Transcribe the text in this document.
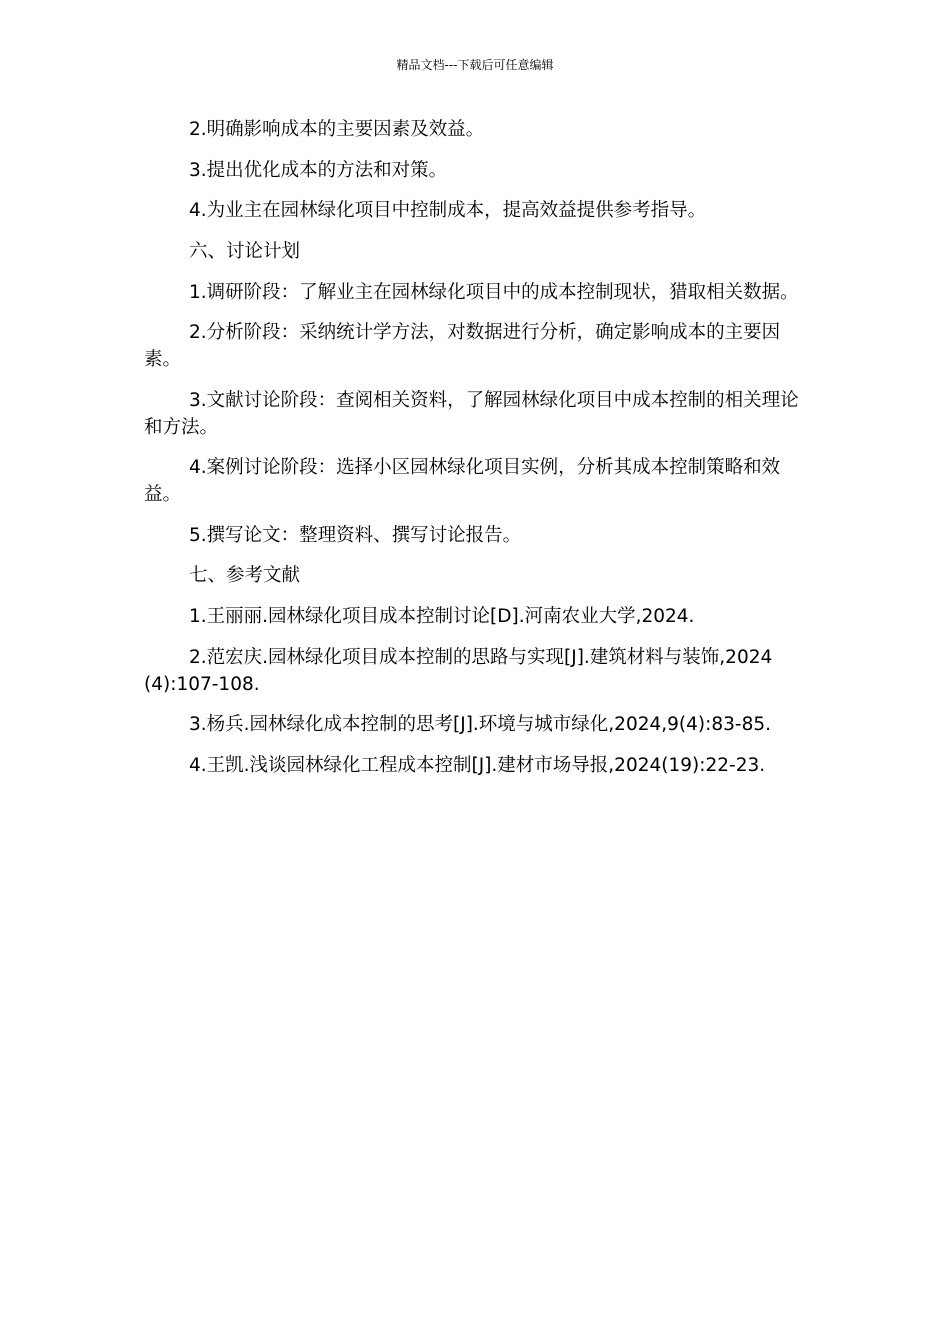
精品文档---下载后可任意编辑

2.明确影响成本的主要因素及效益。

3.提出优化成本的方法和对策。

4.为业主在园林绿化项目中控制成本，提高效益提供参考指导。

六、讨论计划

1.调研阶段：了解业主在园林绿化项目中的成本控制现状，猎取相关数据。

2.分析阶段：采纳统计学方法，对数据进行分析，确定影响成本的主要因素。

3.文献讨论阶段：查阅相关资料，了解园林绿化项目中成本控制的相关理论和方法。

4.案例讨论阶段：选择小区园林绿化项目实例，分析其成本控制策略和效益。

5.撰写论文：整理资料、撰写讨论报告。

七、参考文献

1.王丽丽.园林绿化项目成本控制讨论[D].河南农业大学,2024.

2.范宏庆.园林绿化项目成本控制的思路与实现[J].建筑材料与装饰,2024(4):107-108.

3.杨兵.园林绿化成本控制的思考[J].环境与城市绿化,2024,9(4):83-85.

4.王凯.浅谈园林绿化工程成本控制[J].建材市场导报,2024(19):22-23.
